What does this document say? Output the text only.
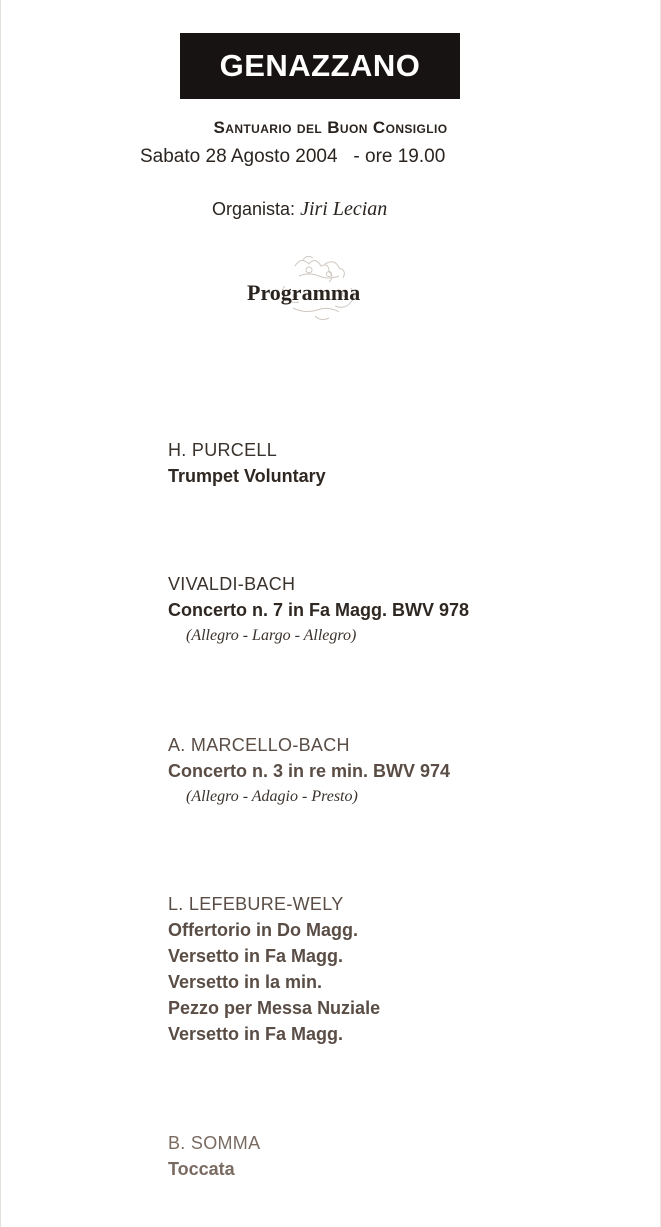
GENAZZANO
Santuario del Buon Consiglio
Sabato 28 Agosto 2004   - ore 19.00
Organista: Jiri Lecian
Programma
H. PURCELL
Trumpet Voluntary
VIVALDI-BACH
Concerto n. 7 in Fa Magg. BWV 978
(Allegro - Largo - Allegro)
A. MARCELLO-BACH
Concerto n. 3 in re min. BWV 974
(Allegro - Adagio - Presto)
L. LEFEBURE-WELY
Offertorio in Do Magg.
Versetto in Fa Magg.
Versetto in la min.
Pezzo per Messa Nuziale
Versetto in Fa Magg.
B. SOMMA
Toccata
